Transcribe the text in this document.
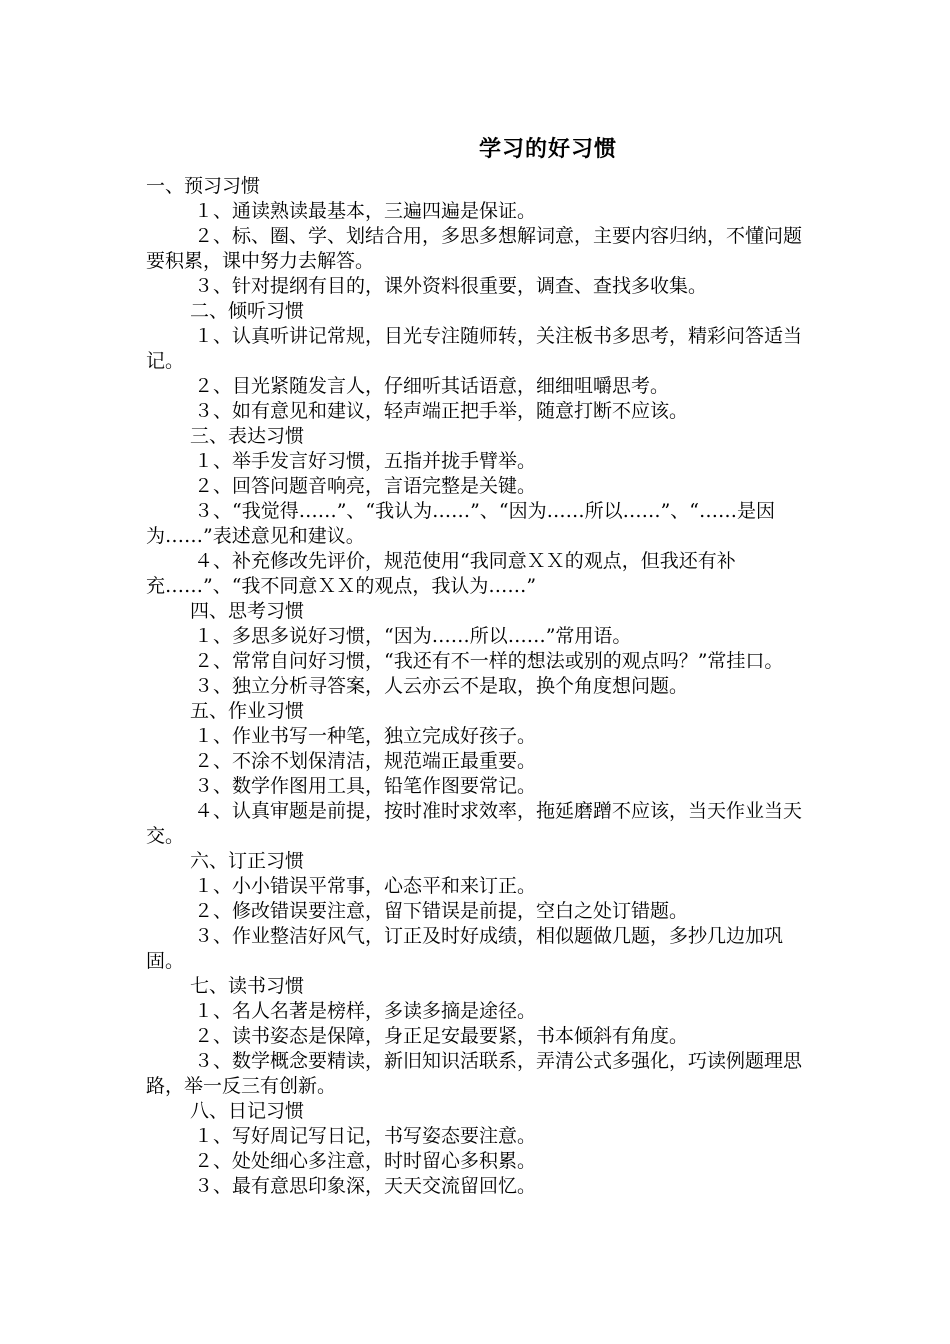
学习的好习惯

一、预习习惯

１、通读熟读最基本，三遍四遍是保证。

２、标、圈、学、划结合用，多思多想解词意，主要内容归纳，不懂问题要积累，课中努力去解答。

３、针对提纲有目的，课外资料很重要，调查、查找多收集。

二、倾听习惯

１、认真听讲记常规，目光专注随师转，关注板书多思考，精彩问答适当记。

２、目光紧随发言人，仔细听其话语意，细细咀嚼思考。

３、如有意见和建议，轻声端正把手举，随意打断不应该。

三、表达习惯

１、举手发言好习惯，五指并拢手臂举。

２、回答问题音响亮，言语完整是关键。

３、“我觉得……”、“我认为……”、“因为……所以……”、“……是因为……”表述意见和建议。

４、补充修改先评价，规范使用“我同意ＸＸ的观点，但我还有补充……”、“我不同意ＸＸ的观点，我认为……”

四、思考习惯

１、多思多说好习惯，“因为……所以……”常用语。

２、常常自问好习惯，“我还有不一样的想法或别的观点吗？”常挂口。

３、独立分析寻答案，人云亦云不是取，换个角度想问题。

五、作业习惯

１、作业书写一种笔，独立完成好孩子。

２、不涂不划保清洁，规范端正最重要。

３、数学作图用工具，铅笔作图要常记。

４、认真审题是前提，按时准时求效率，拖延磨蹭不应该，当天作业当天交。

六、订正习惯

１、小小错误平常事，心态平和来订正。

２、修改错误要注意，留下错误是前提，空白之处订错题。

３、作业整洁好风气，订正及时好成绩，相似题做几题，多抄几边加巩固。

七、读书习惯

１、名人名著是榜样，多读多摘是途径。

２、读书姿态是保障，身正足安最要紧，书本倾斜有角度。

３、数学概念要精读，新旧知识活联系，弄清公式多强化，巧读例题理思路，举一反三有创新。

八、日记习惯

１、写好周记写日记，书写姿态要注意。

２、处处细心多注意，时时留心多积累。

３、最有意思印象深，天天交流留回忆。
